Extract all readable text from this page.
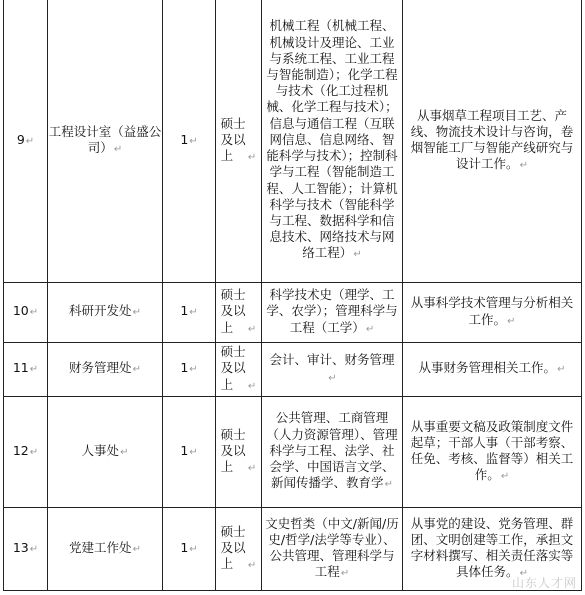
9↵	工程设计室（益盛公司）↵	1↵	硕士及以上 ↵	机械工程（机械工程、机械设计及理论、工业与系统工程、工业工程与智能制造）；化学工程与技术（化工过程机械、化学工程与技术）；信息与通信工程（互联网信息、信息网络、智能科学与技术）；控制科学与工程（智能制造工程、人工智能）；计算机科学与技术（智能科学与工程、数据科学和信息技术、网络技术与网络工程）↵	从事烟草工程项目工艺、产线、物流技术设计与咨询，卷烟智能工厂与智能产线研究与设计工作。↵
10↵	科研开发处↵	1↵	硕士及以上 ↵	科学技术史（理学、工学、农学）；管理科学与工程（工学）↵	从事科学技术管理与分析相关工作。↵
11↵	财务管理处↵	1↵	硕士及以上 ↵	会计、审计、财务管理↵	从事财务管理相关工作。↵
12↵	人事处↵	1↵	硕士及以上 ↵	公共管理、工商管理（人力资源管理）、管理科学与工程、法学、社会学、中国语言文学、新闻传播学、教育学↵	从事重要文稿及政策制度文件起草；干部人事（干部考察、任免、考核、监督等）相关工作。↵
13↵	党建工作处↵	1↵	硕士及以上 ↵	文史哲类（中文/新闻/历史/哲学/法学等专业）、公共管理、管理科学与工程↵	从事党的建设、党务管理、群团、文明创建等工作，承担文字材料撰写、相关责任落实等具体任务。↵
山东人才网
